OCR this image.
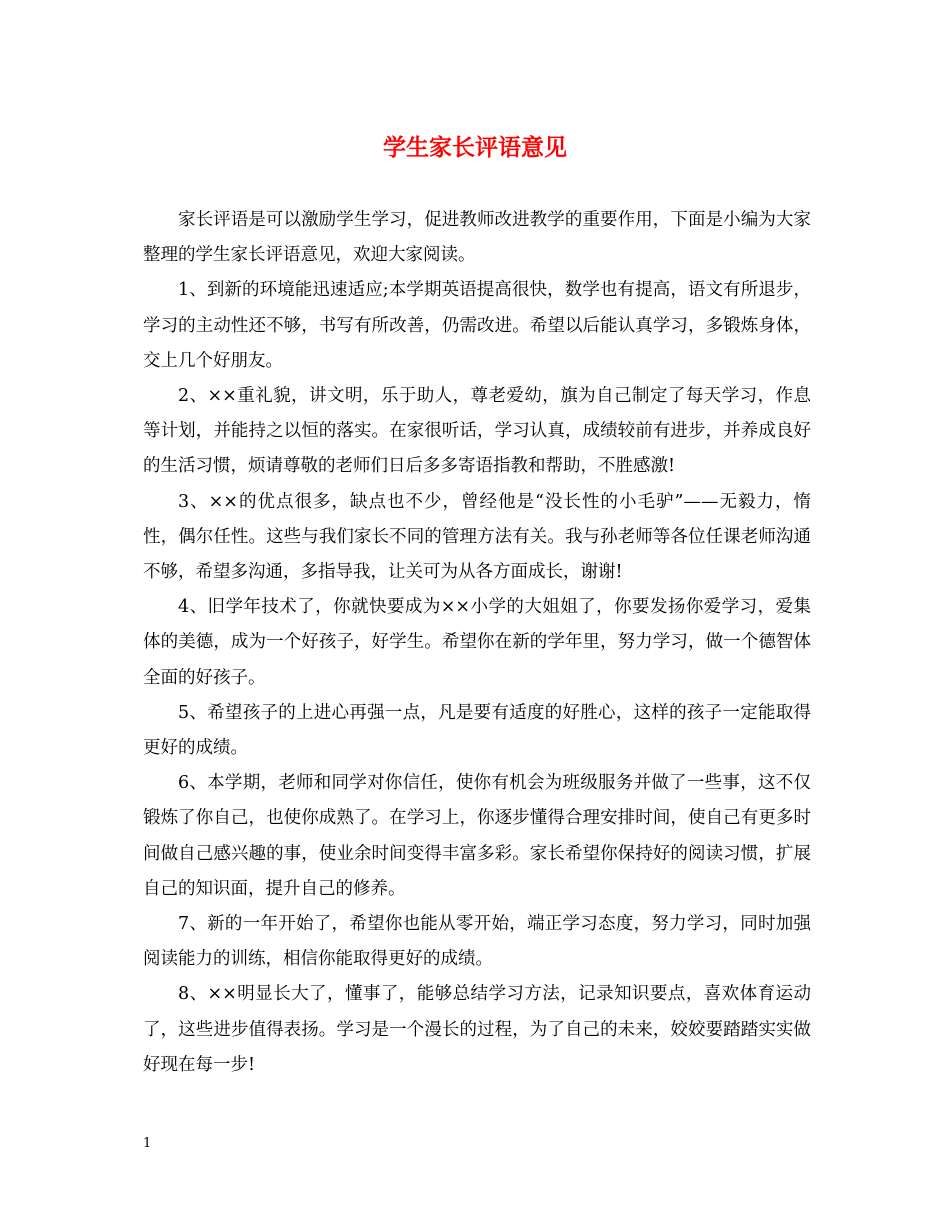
学生家长评语意见

家长评语是可以激励学生学习，促进教师改进教学的重要作用，下面是小编为大家整理的学生家长评语意见，欢迎大家阅读。

1、到新的环境能迅速适应;本学期英语提高很快，数学也有提高，语文有所退步，学习的主动性还不够，书写有所改善，仍需改进。希望以后能认真学习，多锻炼身体，交上几个好朋友。

2、××重礼貌，讲文明，乐于助人，尊老爱幼，旗为自己制定了每天学习，作息等计划，并能持之以恒的落实。在家很听话，学习认真，成绩较前有进步，并养成良好的生活习惯，烦请尊敬的老师们日后多多寄语指教和帮助，不胜感激!

3、××的优点很多，缺点也不少，曾经他是“没长性的小毛驴”——无毅力，惰性，偶尔任性。这些与我们家长不同的管理方法有关。我与孙老师等各位任课老师沟通不够，希望多沟通，多指导我，让关可为从各方面成长，谢谢!

4、旧学年技术了，你就快要成为××小学的大姐姐了，你要发扬你爱学习，爱集体的美德，成为一个好孩子，好学生。希望你在新的学年里，努力学习，做一个德智体全面的好孩子。

5、希望孩子的上进心再强一点，凡是要有适度的好胜心，这样的孩子一定能取得更好的成绩。

6、本学期，老师和同学对你信任，使你有机会为班级服务并做了一些事，这不仅锻炼了你自己，也使你成熟了。在学习上，你逐步懂得合理安排时间，使自己有更多时间做自己感兴趣的事，使业余时间变得丰富多彩。家长希望你保持好的阅读习惯，扩展自己的知识面，提升自己的修养。

7、新的一年开始了，希望你也能从零开始，端正学习态度，努力学习，同时加强阅读能力的训练，相信你能取得更好的成绩。

8、××明显长大了，懂事了，能够总结学习方法，记录知识要点，喜欢体育运动了，这些进步值得表扬。学习是一个漫长的过程，为了自己的未来，姣姣要踏踏实实做好现在每一步!

1
